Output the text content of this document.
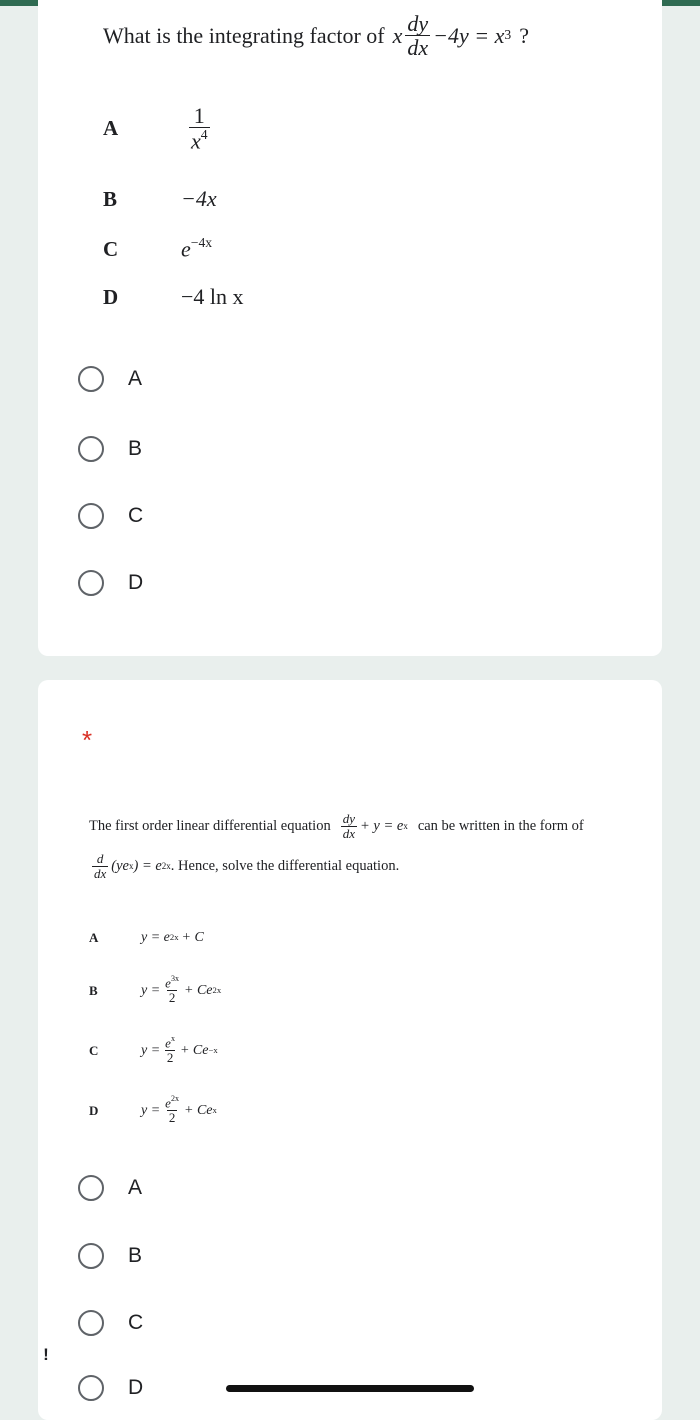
What is the integrating factor of x $\frac{dy}{dx} -4y = x^3$ ?
A	$\frac{1}{x^4}$
B	−4x
C	$e^{-4x}$
D	−4 ln x
A
B
C
D
*
The first order linear differential equation $\frac{dy}{dx} + y = e^x$ can be written in the form of
$\frac{d}{dx} (ye^x$ ) = $e^{2x}$ . Hence, solve the differential equation.
A	$y = e^{2x} + C$
B	$y = \frac{e^{3x}}{2} + Ce^{2x}$
C	$y = \frac{e^x}{2} + Ce^{-x}$
D	$y = \frac{e^{2x}}{2} + Ce^x$
A
B
C
D
!
